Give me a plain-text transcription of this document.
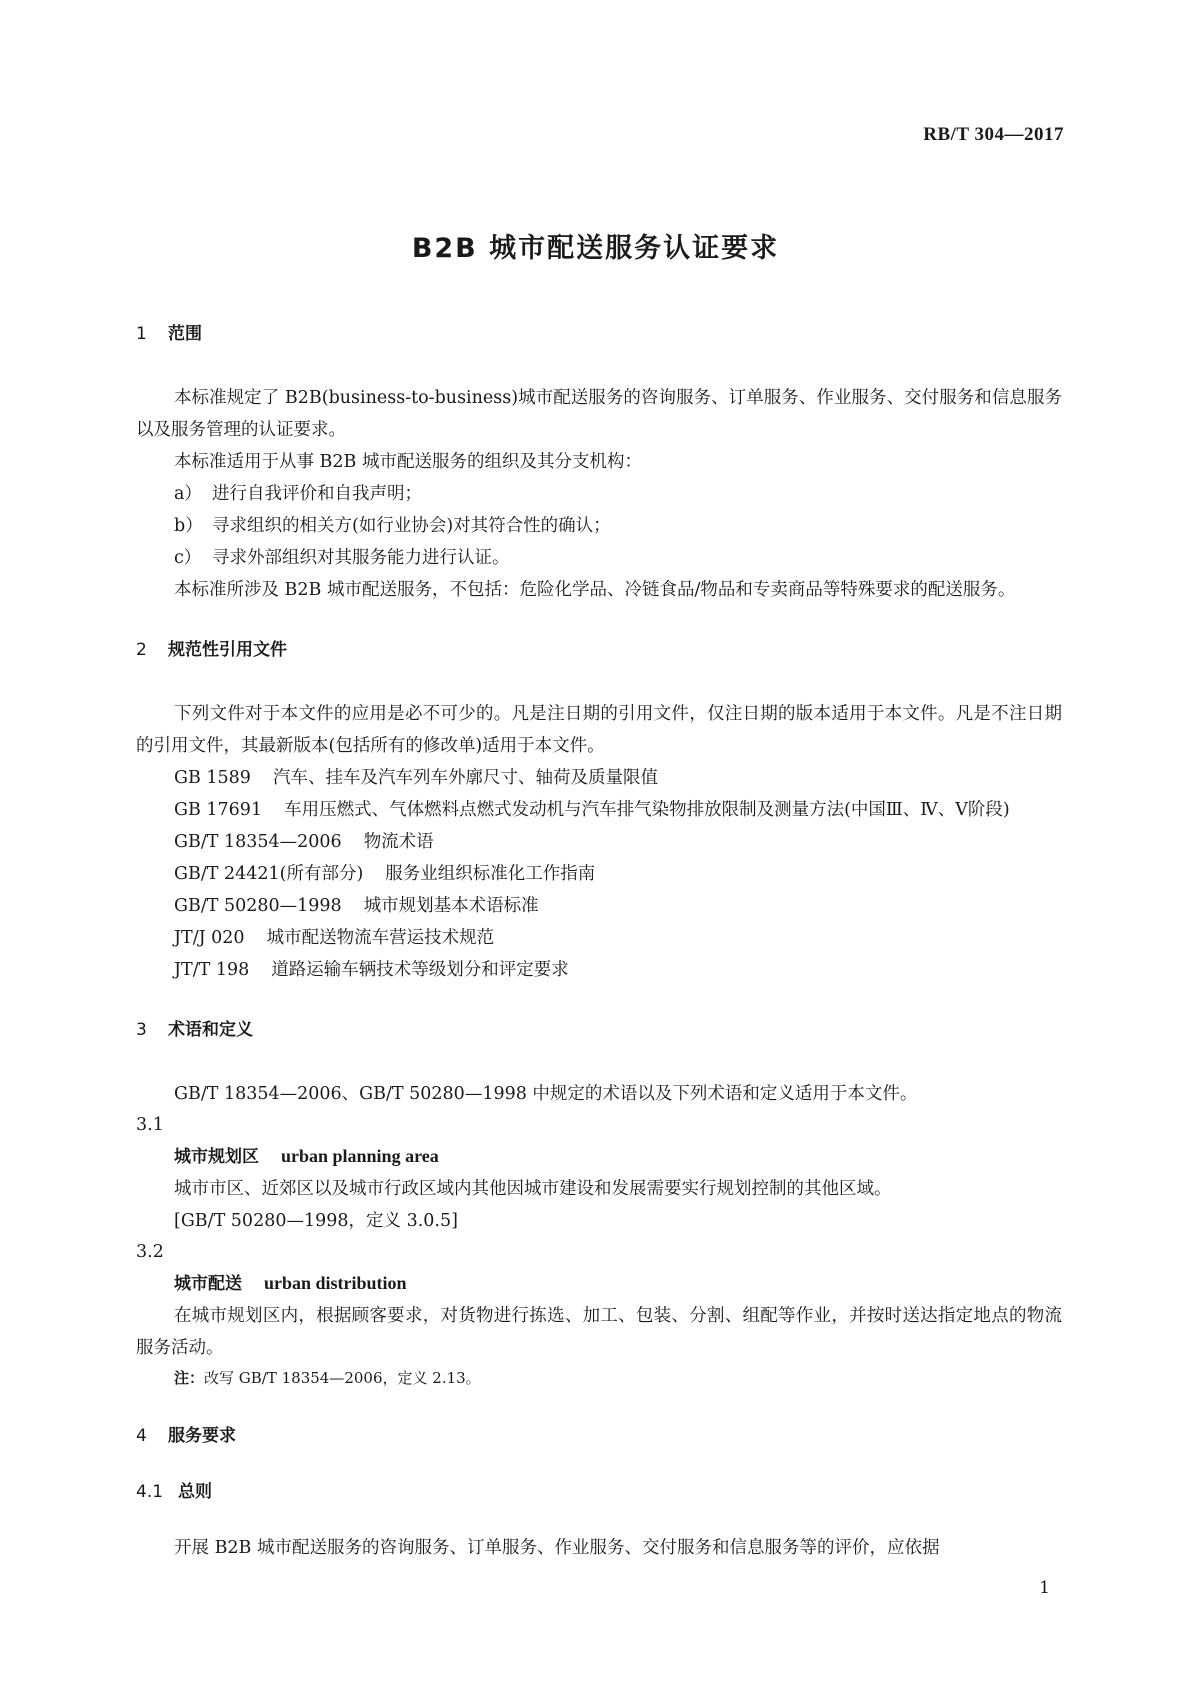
RB/T 304—2017
B2B 城市配送服务认证要求
1 范围

本标准规定了 B2B(business-to-business)城市配送服务的咨询服务、订单服务、作业服务、交付服务和信息服务以及服务管理的认证要求。

本标准适用于从事 B2B 城市配送服务的组织及其分支机构：

a） 进行自我评价和自我声明；

b） 寻求组织的相关方(如行业协会)对其符合性的确认；

c） 寻求外部组织对其服务能力进行认证。

本标准所涉及 B2B 城市配送服务，不包括：危险化学品、冷链食品/物品和专卖商品等特殊要求的配送服务。

2 规范性引用文件

下列文件对于本文件的应用是必不可少的。凡是注日期的引用文件，仅注日期的版本适用于本文件。凡是不注日期的引用文件，其最新版本(包括所有的修改单)适用于本文件。

GB 1589 汽车、挂车及汽车列车外廓尺寸、轴荷及质量限值

GB 17691 车用压燃式、气体燃料点燃式发动机与汽车排气染物排放限制及测量方法(中国Ⅲ、Ⅳ、Ⅴ阶段)

GB/T 18354—2006 物流术语

GB/T 24421(所有部分) 服务业组织标准化工作指南

GB/T 50280—1998 城市规划基本术语标准

JT/J 020 城市配送物流车营运技术规范

JT/T 198 道路运输车辆技术等级划分和评定要求

3 术语和定义

GB/T 18354—2006、GB/T 50280—1998 中规定的术语以及下列术语和定义适用于本文件。

3.1

城市规划区 urban planning area

城市市区、近郊区以及城市行政区域内其他因城市建设和发展需要实行规划控制的其他区域。

[GB/T 50280—1998，定义 3.0.5]

3.2

城市配送 urban distribution

在城市规划区内，根据顾客要求，对货物进行拣选、加工、包装、分割、组配等作业，并按时送达指定地点的物流服务活动。

注：改写 GB/T 18354—2006，定义 2.13。

4 服务要求
4.1 总则

开展 B2B 城市配送服务的咨询服务、订单服务、作业服务、交付服务和信息服务等的评价，应依据

1
